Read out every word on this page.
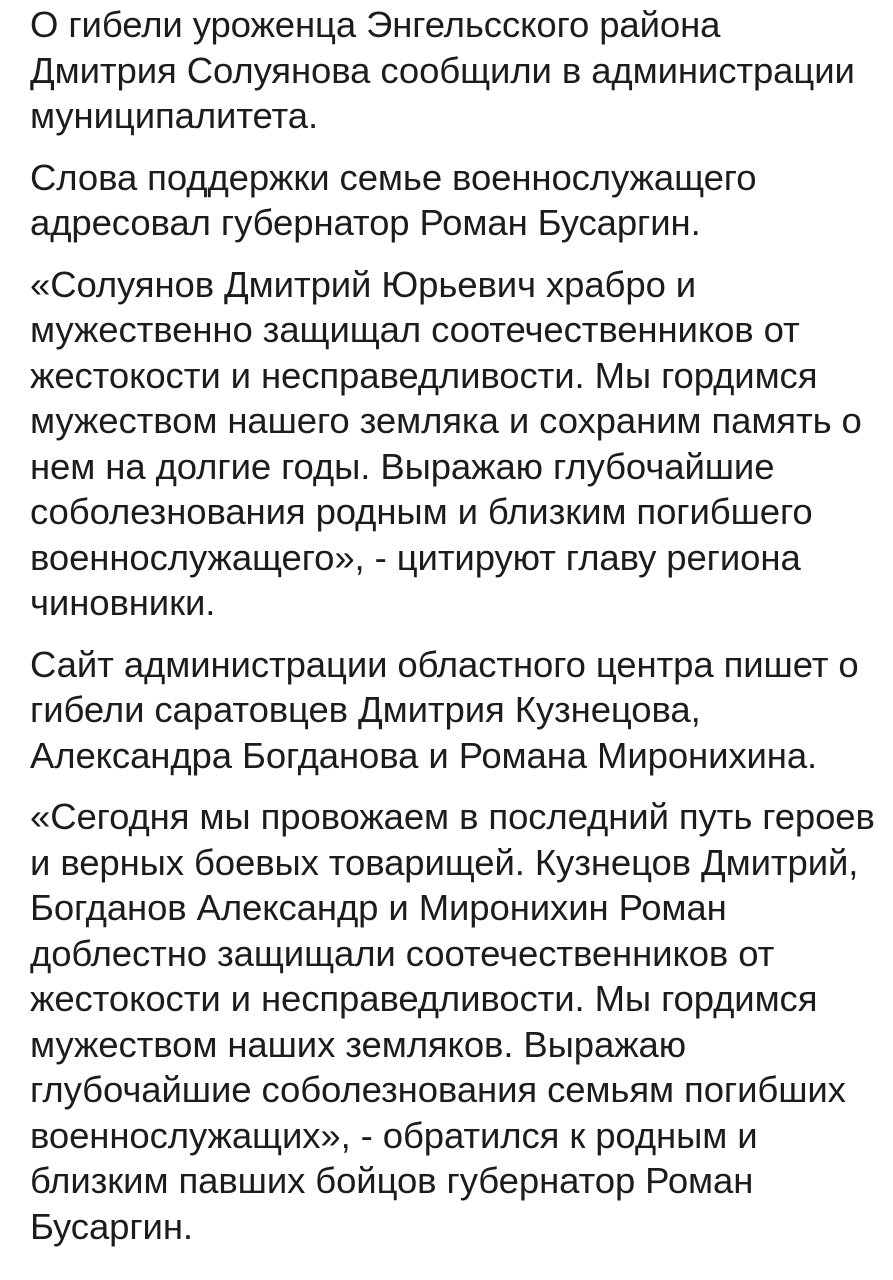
О гибели уроженца Энгельсского района
Дмитрия Солуянова сообщили в администрации
муниципалитета.

Слова поддержки семье военнослужащего
адресовал губернатор Роман Бусаргин.

«Солуянов Дмитрий Юрьевич храбро и
мужественно защищал соотечественников от
жестокости и несправедливости. Мы гордимся
мужеством нашего земляка и сохраним память о
нем на долгие годы. Выражаю глубочайшие
соболезнования родным и близким погибшего
военнослужащего», - цитируют главу региона
чиновники.

Сайт администрации областного центра пишет о
гибели саратовцев Дмитрия Кузнецова,
Александра Богданова и Романа Миронихина.

«Сегодня мы провожаем в последний путь героев
и верных боевых товарищей. Кузнецов Дмитрий,
Богданов Александр и Миронихин Роман
доблестно защищали соотечественников от
жестокости и несправедливости. Мы гордимся
мужеством наших земляков. Выражаю
глубочайшие соболезнования семьям погибших
военнослужащих», - обратился к родным и
близким павших бойцов губернатор Роман
Бусаргин.
